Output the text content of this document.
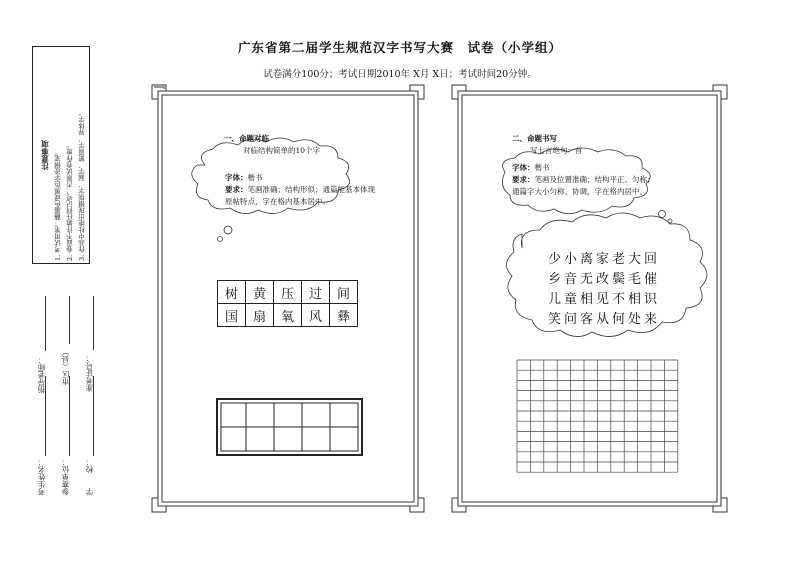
广东省第二届学生规范汉字书写大赛　试卷（小学组）
试卷满分100分；考试日期2010年 X月 X日；考试时间20分钟。
注意事项 1. 考试用笔：蘸墨色或黑色字迹钢笔。 2. 卷面不许做任何记号，否则试卷作废。 3. 作品中杜绝出现错别字、漏字、繁简字、异体字。
考生姓名：
指导老师：
参赛单位：
市区（县）
学　　校：
准考证号：
一、命题对临
对临结构简单的10个字
字体：楷书
要求：笔画准确；结构形似；通篇能基本体现原帖特点，字在格内基本居中。
树	黄	压	过	间
国	扇	氧	风	彝
二、命题书写
写七言绝句一首
字体：楷书
要求：笔画及位置准确；结构平正、匀称；
通篇字大小匀称、协调，字在格内居中。
少小离家老大回
乡音无改鬓毛催
儿童相见不相识
笑问客从何处来
